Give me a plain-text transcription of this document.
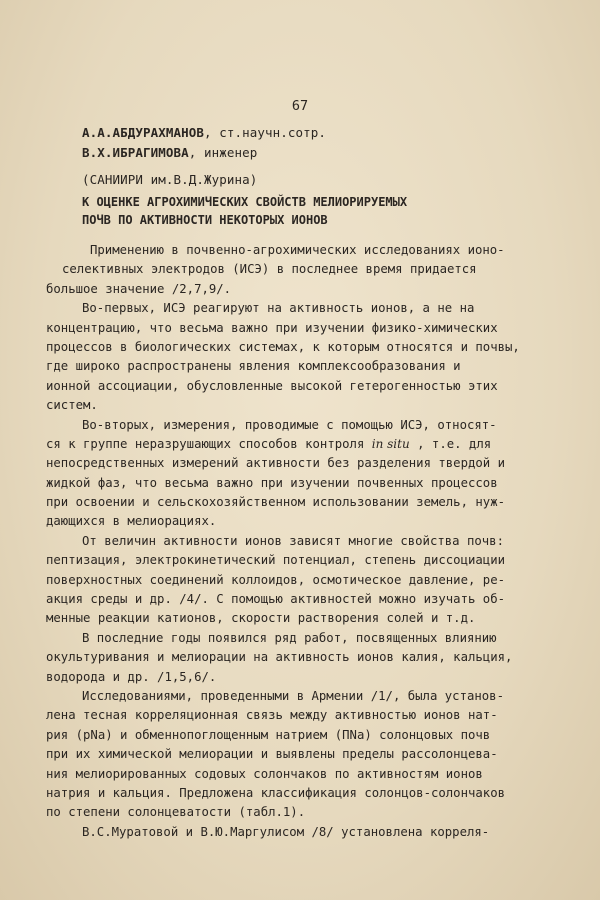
67
А.А.АБДУРАХМАНОВ, ст.научн.сотр.
В.Х.ИБРАГИМОВА, инженер
(САНИИРИ им.В.Д.Журина)
К ОЦЕНКЕ АГРОХИМИЧЕСКИХ СВОЙСТВ МЕЛИОРИРУЕМЫХ
ПОЧВ ПО АКТИВНОСТИ НЕКОТОРЫХ ИОНОВ
Применению в почвенно-агрохимических исследованиях ионо-
селективных электродов (ИСЭ) в последнее время придается
большое значение /2,7,9/.
Во-первых, ИСЭ реагируют на активность ионов, а не на
концентрацию, что весьма важно при изучении физико-химических
процессов в биологических системах, к которым относятся и почвы,
где широко распространены явления комплексообразования и
ионной ассоциации, обусловленные высокой гетерогенностью этих
систем.
Во-вторых, измерения, проводимые с помощью ИСЭ, относят-
ся к группе неразрушающих способов контроля in situ , т.е. для
непосредственных измерений активности без разделения твердой и
жидкой фаз, что весьма важно при изучении почвенных процессов
при освоении и сельскохозяйственном использовании земель, нуж-
дающихся в мелиорациях.
От величин активности ионов зависят многие свойства почв:
пептизация, электрокинетический потенциал, степень диссоциации
поверхностных соединений коллоидов, осмотическое давление, ре-
акция среды и др. /4/. С помощью активностей можно изучать об-
менные реакции катионов, скорости растворения солей и т.д.
В последние годы появился ряд работ, посвященных влиянию
окультуривания и мелиорации на активность ионов калия, кальция,
водорода и др. /1,5,6/.
Исследованиями, проведенными в Армении /1/, была установ-
лена тесная корреляционная связь между активностью ионов нат-
рия (рNa) и обменнопоглощенным натрием (ПNa) солонцовых почв
при их химической мелиорации и выявлены пределы рассолонцева-
ния мелиорированных содовых солончаков по активностям ионов
натрия и кальция. Предложена классификация солонцов-солончаков
по степени солонцеватости (табл.1).
В.С.Муратовой и В.Ю.Маргулисом /8/ установлена корреля-
